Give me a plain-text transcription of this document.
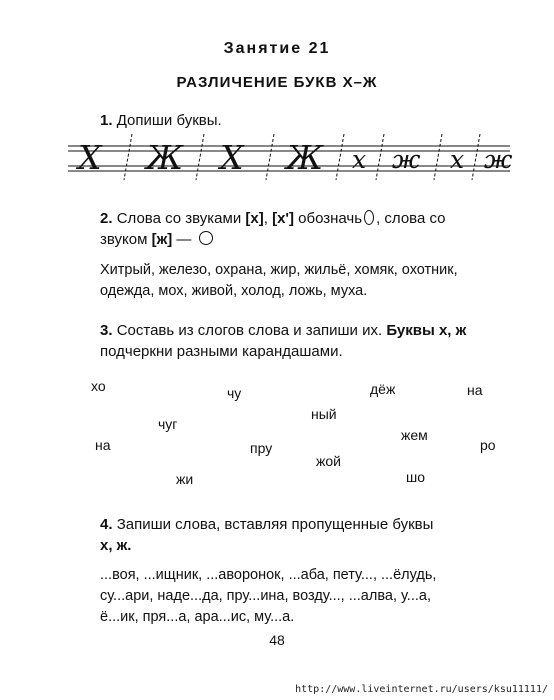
Занятие 21
РАЗЛИЧЕНИЕ БУКВ Х–Ж
1. Допиши буквы.
Х Ж Х Ж х ж х ж
2. Слова со звуками [х], [х'] обозначь , слова со
звуком [ж] —
Хитрый, железо, охрана, жир, жильё, хомяк, охотник,
одежда, мох, живой, холод, ложь, муха.
3. Составь из слогов слова и запиши их. Буквы х, ж
подчеркни разными карандашами.
хо	чу	дёж	на
ный
чуг
жем
на	пру	ро
жой
жи	шо
4. Запиши слова, вставляя пропущенные буквы
х, ж.
...воя, ...ищник, ...аворонок, ...аба, пету..., ...ёлудь,
су...ари, наде...да, пру...ина, возду..., ...алва, у...а,
ё...ик, пря...а, ара...ис, му...а.
48
http://www.liveinternet.ru/users/ksu11111/
